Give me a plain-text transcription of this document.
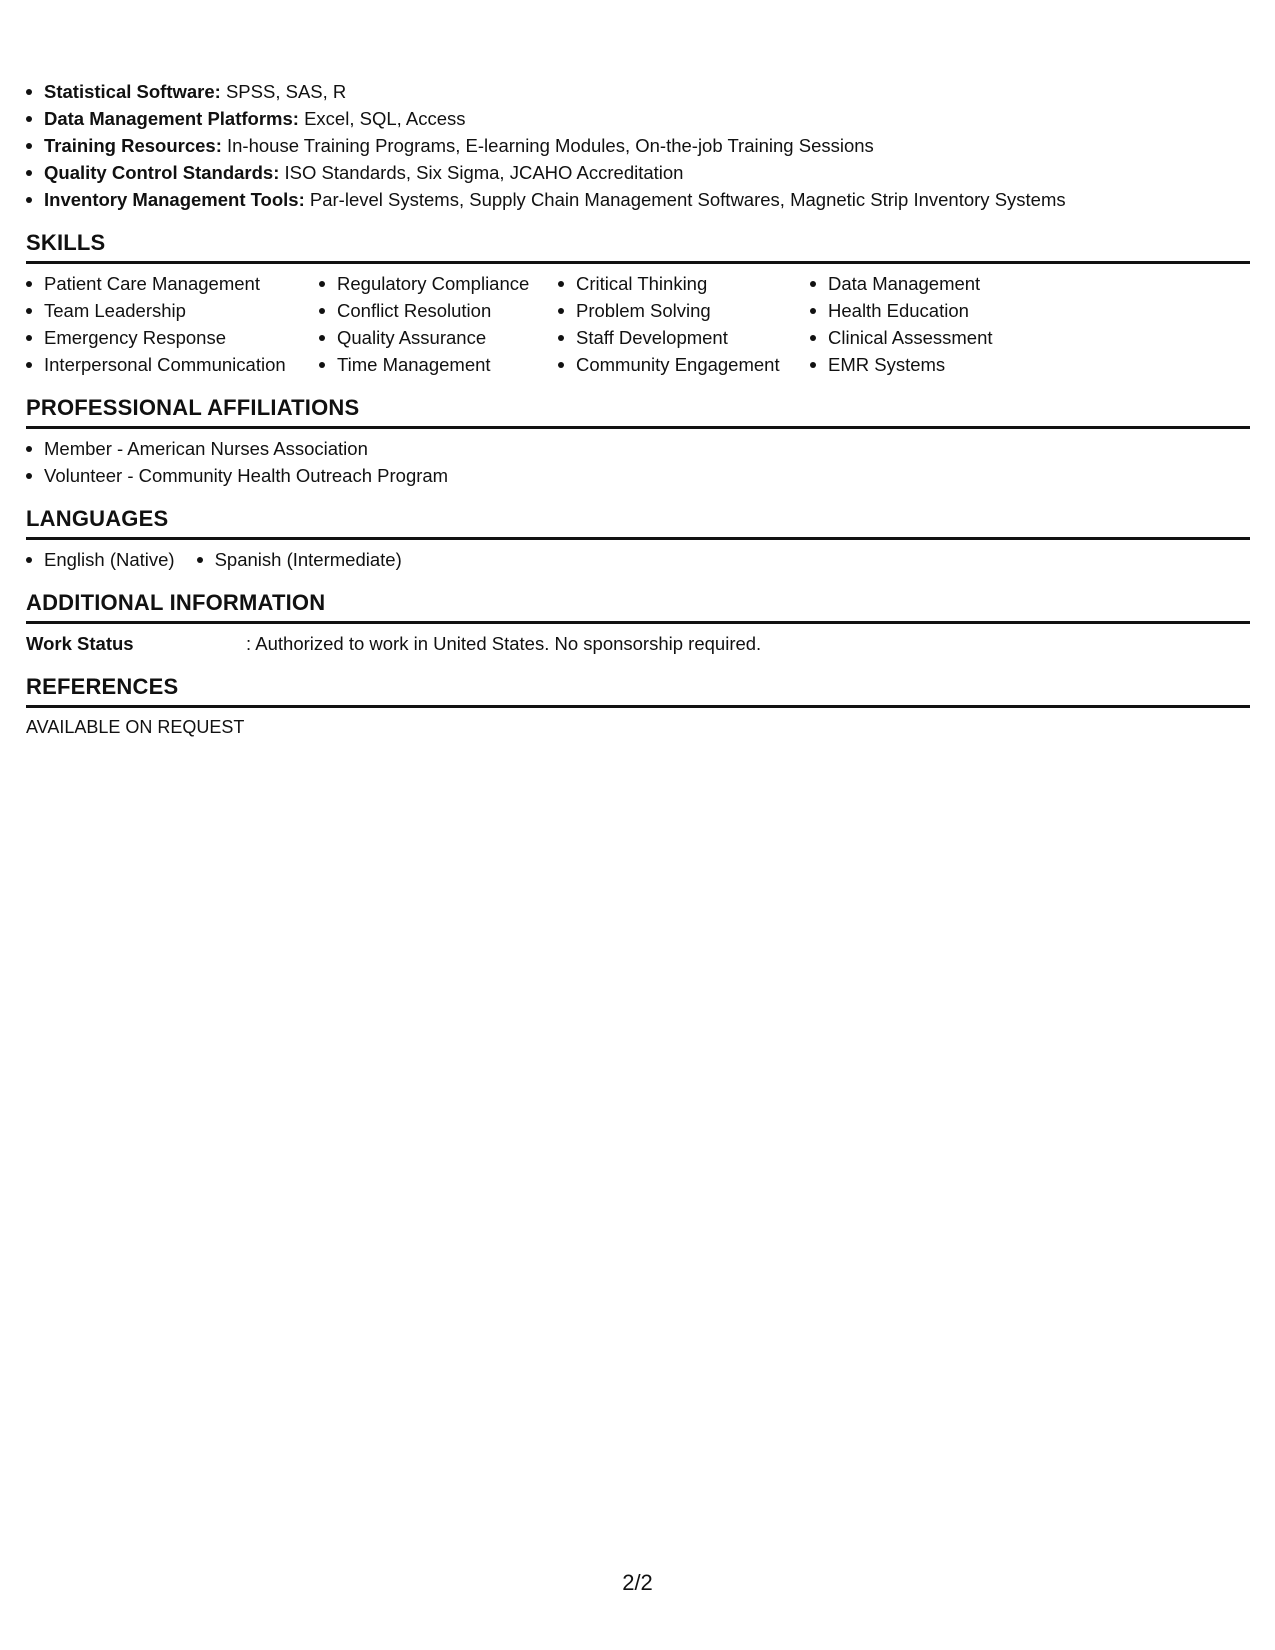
Statistical Software: SPSS, SAS, R
Data Management Platforms: Excel, SQL, Access
Training Resources: In-house Training Programs, E-learning Modules, On-the-job Training Sessions
Quality Control Standards: ISO Standards, Six Sigma, JCAHO Accreditation
Inventory Management Tools: Par-level Systems, Supply Chain Management Softwares, Magnetic Strip Inventory Systems
SKILLS
Patient Care Management
Team Leadership
Emergency Response
Interpersonal Communication
Regulatory Compliance
Conflict Resolution
Quality Assurance
Time Management
Critical Thinking
Problem Solving
Staff Development
Community Engagement
Data Management
Health Education
Clinical Assessment
EMR Systems
PROFESSIONAL AFFILIATIONS
Member - American Nurses Association
Volunteer - Community Health Outreach Program
LANGUAGES
English (Native)	Spanish (Intermediate)
ADDITIONAL INFORMATION
Work Status	: Authorized to work in United States. No sponsorship required.
REFERENCES

AVAILABLE ON REQUEST

2/2
